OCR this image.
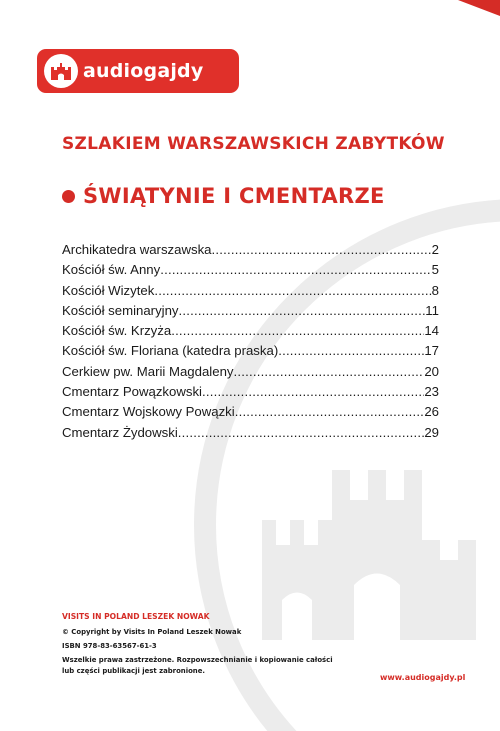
audiogajdy
SZLAKIEM WARSZAWSKICH ZABYTKÓW
ŚWIĄTYNIE I CMENTARZE
Archikatedra warszawska .....	2
Kościół św. Anny .....	5
Kościół Wizytek .....	8
Kościół seminaryjny .....	11
Kościół św. Krzyża .....	14
Kościół św. Floriana (katedra praska) .....	17
Cerkiew pw. Marii Magdaleny .....	20
Cmentarz Powązkowski .....	23
Cmentarz Wojskowy Powązki .....	26
Cmentarz Żydowski .....	29
VISITS IN POLAND LESZEK NOWAK
© Copyright by Visits In Poland Leszek Nowak
ISBN 978-83-63567-61-3
Wszelkie prawa zastrzeżone. Rozpowszechnianie i kopiowanie całości
lub części publikacji jest zabronione.
www.audiogajdy.pl
